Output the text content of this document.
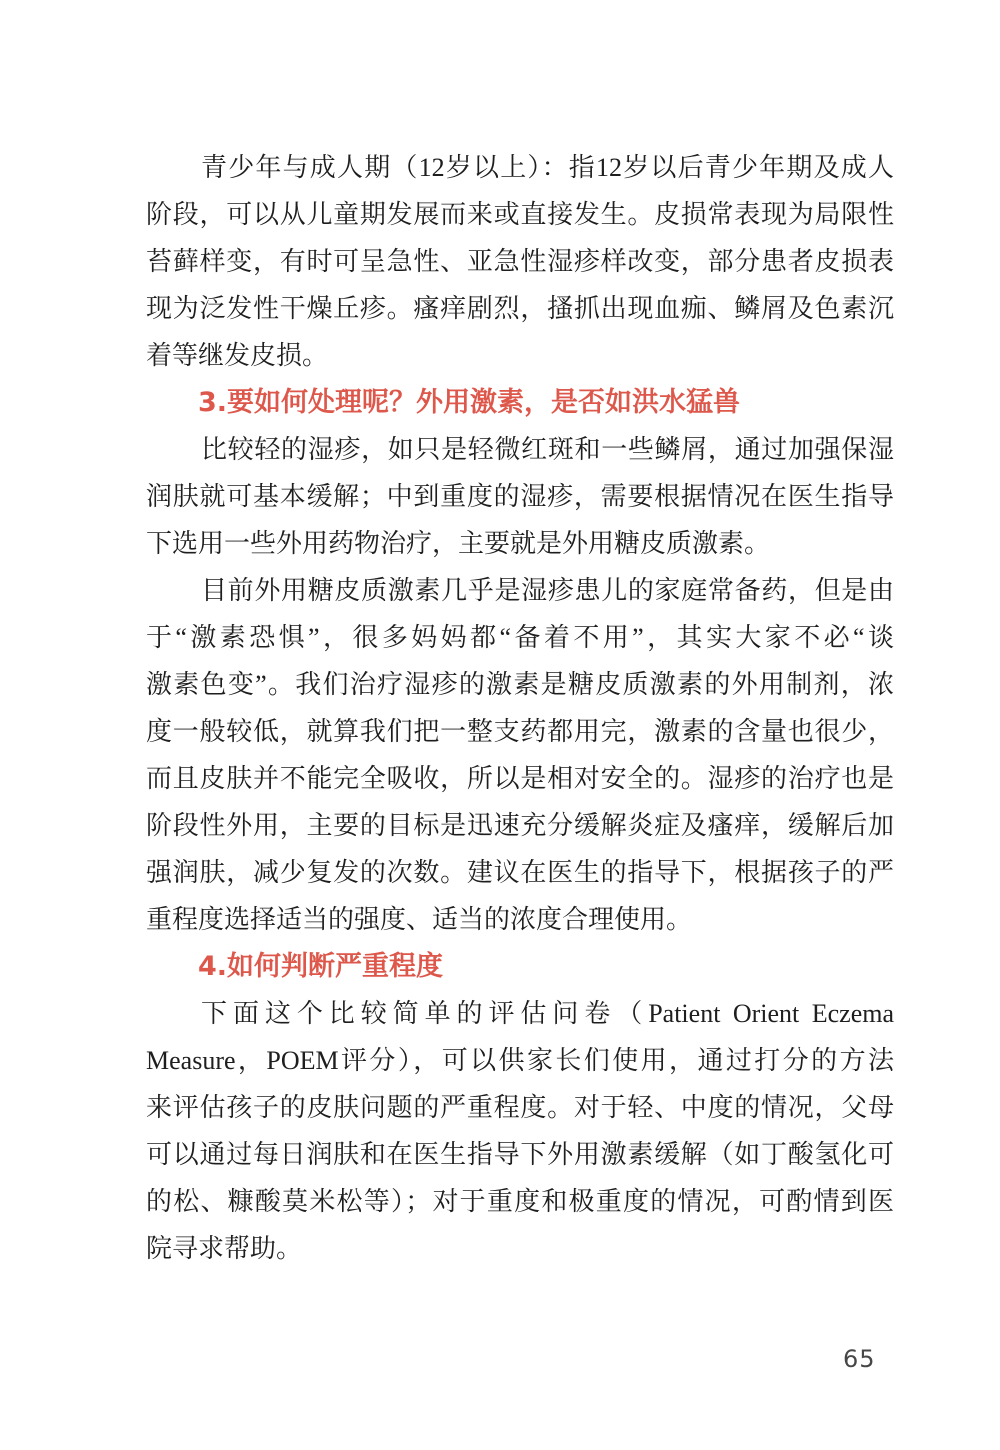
青少年与成人期（12岁以上）：指12岁以后青少年期及成人

阶段，可以从儿童期发展而来或直接发生。皮损常表现为局限性

苔藓样变，有时可呈急性、亚急性湿疹样改变，部分患者皮损表

现为泛发性干燥丘疹。瘙痒剧烈，搔抓出现血痂、鳞屑及色素沉

着等继发皮损。

3.要如何处理呢？外用激素，是否如洪水猛兽

比较轻的湿疹，如只是轻微红斑和一些鳞屑，通过加强保湿

润肤就可基本缓解；中到重度的湿疹，需要根据情况在医生指导

下选用一些外用药物治疗，主要就是外用糖皮质激素。

目前外用糖皮质激素几乎是湿疹患儿的家庭常备药，但是由

于“激素恐惧”，很多妈妈都“备着不用”，其实大家不必“谈

激素色变”。我们治疗湿疹的激素是糖皮质激素的外用制剂，浓

度一般较低，就算我们把一整支药都用完，激素的含量也很少，

而且皮肤并不能完全吸收，所以是相对安全的。湿疹的治疗也是

阶段性外用，主要的目标是迅速充分缓解炎症及瘙痒，缓解后加

强润肤，减少复发的次数。建议在医生的指导下，根据孩子的严

重程度选择适当的强度、适当的浓度合理使用。

4.如何判断严重程度

下面这个比较简单的评估问卷（Patient Orient Eczema

Measure，POEM评分），可以供家长们使用，通过打分的方法

来评估孩子的皮肤问题的严重程度。对于轻、中度的情况，父母

可以通过每日润肤和在医生指导下外用激素缓解（如丁酸氢化可

的松、糠酸莫米松等）；对于重度和极重度的情况，可酌情到医

院寻求帮助。

65
